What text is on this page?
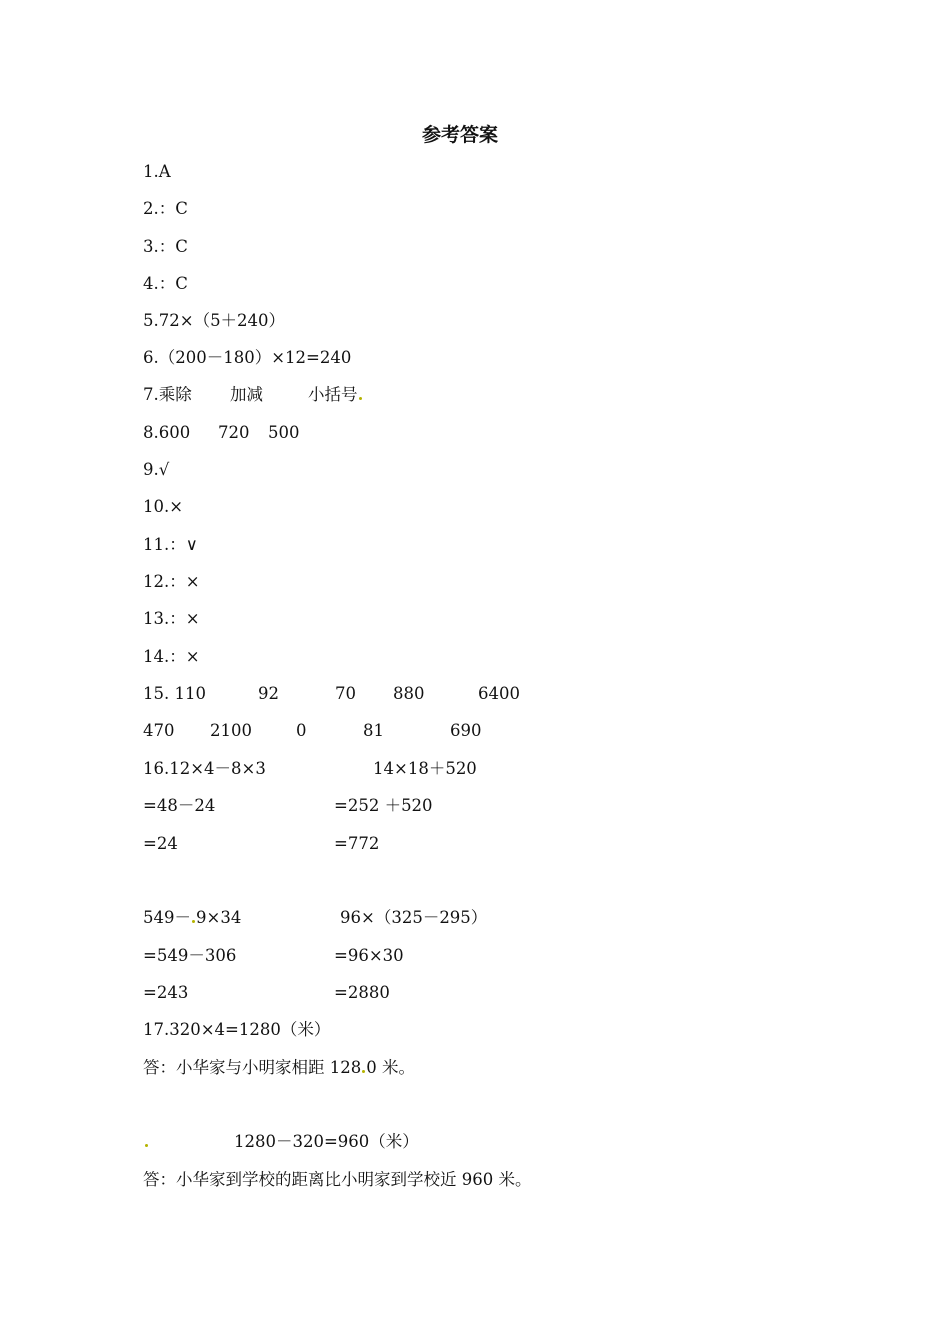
参考答案
1.A
2.：C
3.：C
4.：C
5.72×（5＋240）
6.（200－180）×12=240
7.乘除 加减	小括号
8.600 720 500
9.√
10.×
11.：∨
12.：×
13.：×
14.：×
15. 110	92	70 880	6400
470 2100	0	81	690
16.12×4－8×3
=48－24
=24
14×18＋520
=252 ＋520
=772
549－ 9×34
=549－306
=243
96×（325－295）
=96×30
=2880
17.320×4=1280（米）
答：小华家与小明家相距 128 0 米。
1280－320=960（米）
答：小华家到学校的距离比小明家到学校近 960 米。
